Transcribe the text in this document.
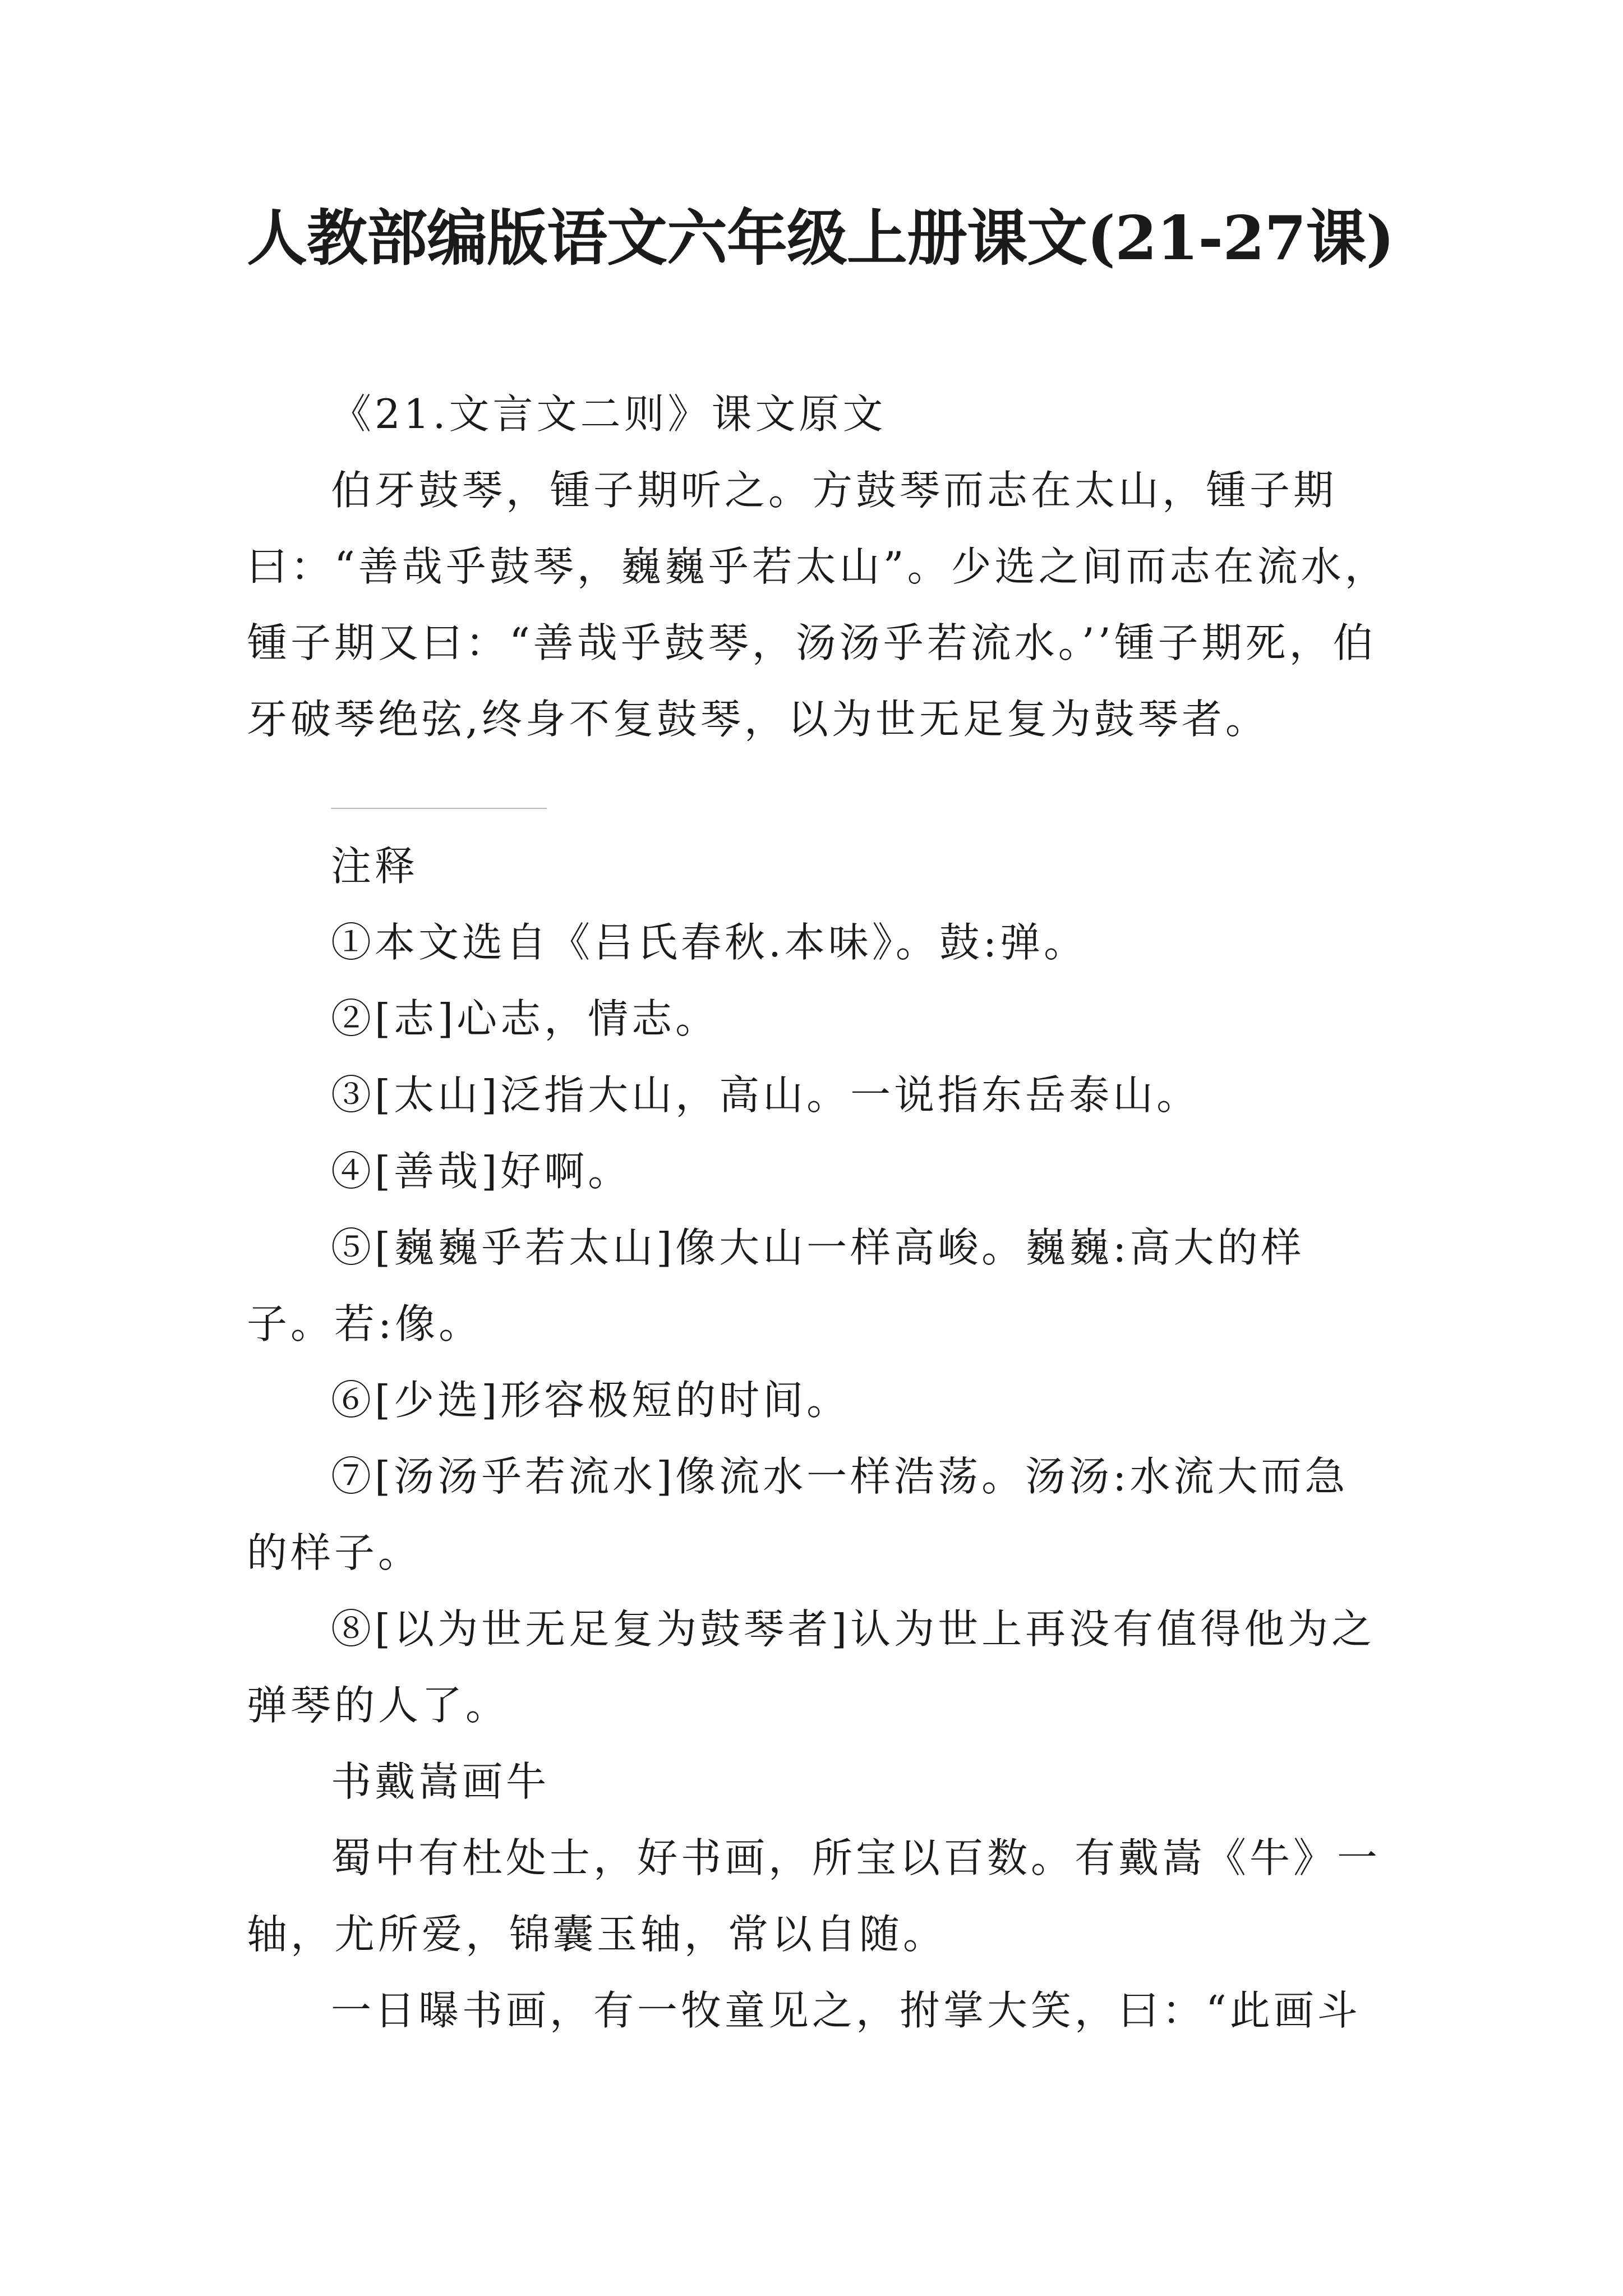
人教部编版语文六年级上册课文(21-27课)

《21.文言文二则》课文原文

伯牙鼓琴，锺子期听之。方鼓琴而志在太山，锺子期曰：“善哉乎鼓琴，巍巍乎若太山”。少选之间而志在流水，锺子期又曰：“善哉乎鼓琴，汤汤乎若流水。’’锺子期死，伯牙破琴绝弦,终身不复鼓琴，以为世无足复为鼓琴者。

注释

①本文选自《吕氏春秋.本味》。鼓:弹。

②[志]心志，情志。

③[太山]泛指大山，高山。一说指东岳泰山。

④[善哉]好啊。

⑤[巍巍乎若太山]像大山一样高峻。巍巍:高大的样子。若:像。

⑥[少选]形容极短的时间。

⑦[汤汤乎若流水]像流水一样浩荡。汤汤:水流大而急的样子。

⑧[以为世无足复为鼓琴者]认为世上再没有值得他为之弹琴的人了。

书戴嵩画牛

蜀中有杜处士，好书画，所宝以百数。有戴嵩《牛》一轴，尤所爱，锦囊玉轴，常以自随。

一日曝书画，有一牧童见之，拊掌大笑，曰：“此画斗
